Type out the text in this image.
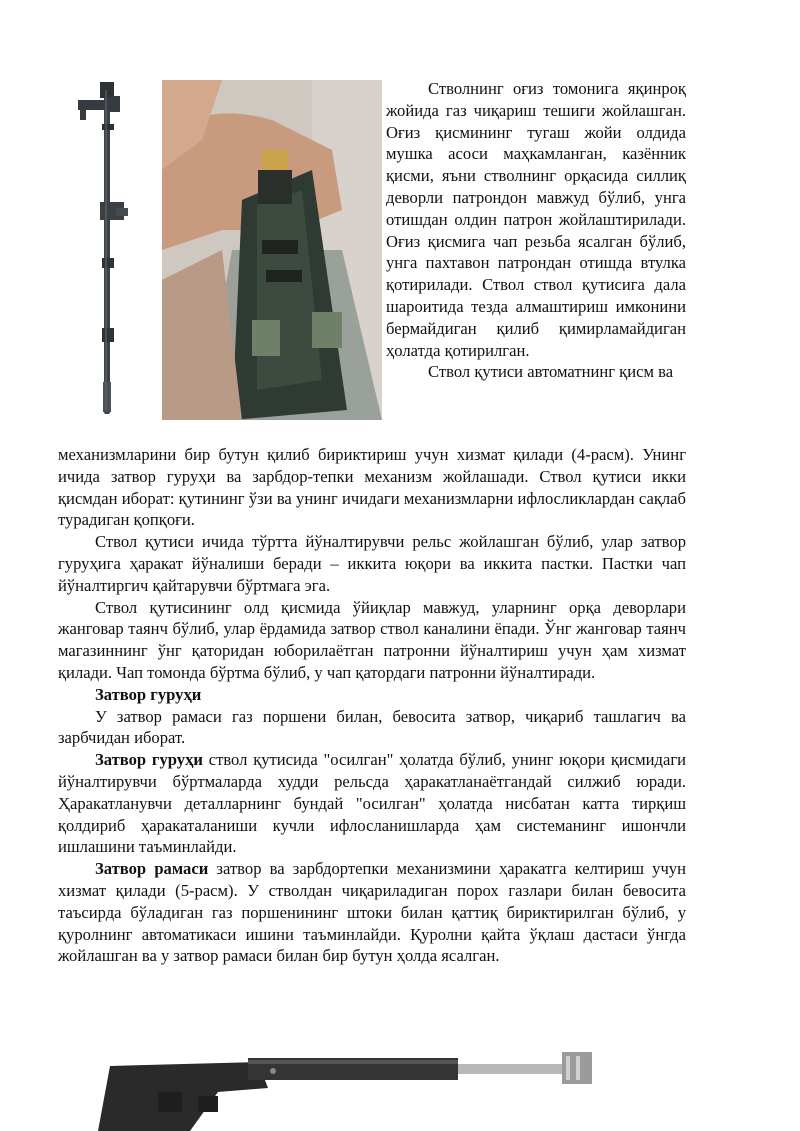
Стволнинг оғиз томонига яқинроқ жойида газ чиқариш тешиги жойлашган. Оғиз қисмининг тугаш жойи олдида мушка асоси маҳкамланган, казённик қисми, яъни стволнинг орқасида силлиқ деворли патрондон мавжуд бўлиб, унга отишдан олдин патрон жойлаштирилади. Оғиз қисмига чап резьба ясалган бўлиб, унга пахтавон патрондан отишда втулка қотирилади. Ствол ствол қутисига дала шароитида тезда алмаштириш имконини бермайдиган қилиб қимирламайдиган ҳолатда қотирилган.

Ствол қутиси автоматнинг қисм ва

механизмларини бир бутун қилиб бириктириш учун хизмат қилади (4-расм). Унинг ичида затвор гуруҳи ва зарбдор-тепки механизм жойлашади. Ствол қутиси икки қисмдан иборат: қутининг ўзи ва унинг ичидаги механизмларни ифлосликлардан сақлаб турадиган қопқоғи.

Ствол қутиси ичида тўртта йўналтирувчи рельс жойлашган бўлиб, улар затвор гуруҳига ҳаракат йўналиши беради – иккита юқори ва иккита пастки. Пастки чап йўналтиргич қайтарувчи бўртмага эга.

Ствол қутисининг олд қисмида ўйиқлар мавжуд, уларнинг орқа деворлари жанговар таянч бўлиб, улар ёрдамида затвор ствол каналини ёпади. Ўнг жанговар таянч магазиннинг ўнг қаторидан юборилаётган патронни йўналтириш учун ҳам хизмат қилади. Чап томонда бўртма бўлиб, у чап қатордаги патронни йўналтиради.

Затвор гуруҳи

У затвор рамаси газ поршени билан, бевосита затвор, чиқариб ташлагич ва зарбчидан иборат.

Затвор гуруҳи ствол қутисида "осилган" ҳолатда бўлиб, унинг юқори қисмидаги йўналтирувчи бўртмаларда худди рельсда ҳаракатланаётгандай силжиб юради. Ҳаракатланувчи деталларнинг бундай "осилган" ҳолатда нисбатан катта тирқиш қолдириб ҳаракаталаниши кучли ифлосланишларда ҳам системанинг ишончли ишлашини таъминлайди.

Затвор рамаси затвор ва зарбдортепки механизмини ҳаракатга келтириш учун хизмат қилади (5-расм). У стволдан чиқариладиган порох газлари билан бевосита таъсирда бўладиган газ поршенининг штоки билан қаттиқ бириктирилган бўлиб, у қуролнинг автоматикаси ишини таъминлайди. Қуролни қайта ўқлаш дастаси ўнгда жойлашган ва у затвор рамаси билан бир бутун ҳолда ясалган.
